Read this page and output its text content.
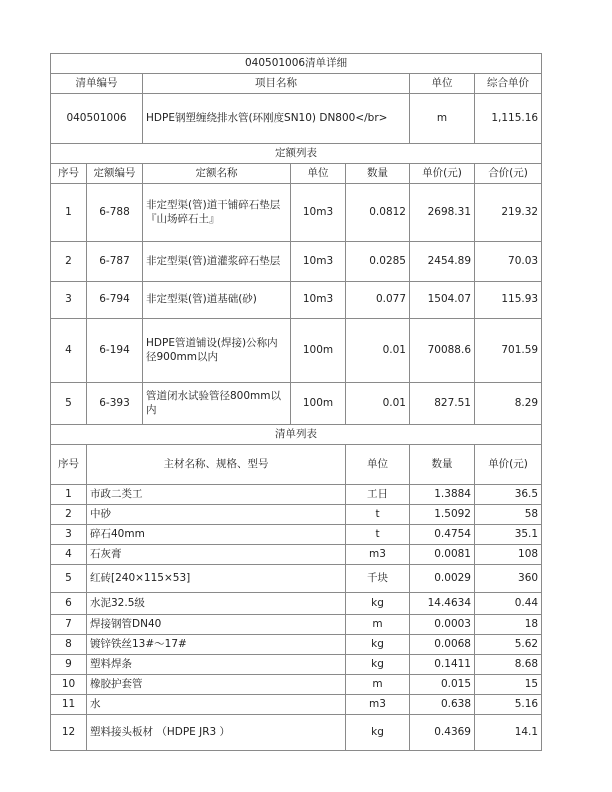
040501006清单详细							
清单编号		项目名称			单位	综合单价	
040501006		HDPE钢塑缠绕排水管(环刚度SN10) DN800</br>			m	1,115.16	
定额列表							
序号	定额编号	定额名称	单位	数量	单价(元)	合价(元)	
1	6-788	非定型渠(管)道干铺碎石垫层『山场碎石土』	10m3	0.0812	2698.31	219.32	
2	6-787	非定型渠(管)道灌浆碎石垫层	10m3	0.0285	2454.89	70.03	
3	6-794	非定型渠(管)道基础(砂)	10m3	0.077	1504.07	115.93	
4	6-194	HDPE管道铺设(焊接)公称内径900mm以内	100m	0.01	70088.6	701.59	
5	6-393	管道闭水试验管径800mm以内	100m	0.01	827.51	8.29	
清单列表							
序号	主材名称、规格、型号			单位	数量	单价(元)	
1	市政二类工			工日	1.3884	36.5	
2	中砂			t	1.5092	58	
3	碎石40mm			t	0.4754	35.1	
4	石灰膏			m3	0.0081	108	
5	红砖[240×115×53]			千块	0.0029	360	
6	水泥32.5级			kg	14.4634	0.44	
7	焊接钢管DN40			m	0.0003	18	
8	镀锌铁丝13#～17#			kg	0.0068	5.62	
9	塑料焊条			kg	0.1411	8.68	
10	橡胶护套管			m	0.015	15	
11	水			m3	0.638	5.16	
12	塑料接头板材 （HDPE JR3 ）			kg	0.4369	14.1	
